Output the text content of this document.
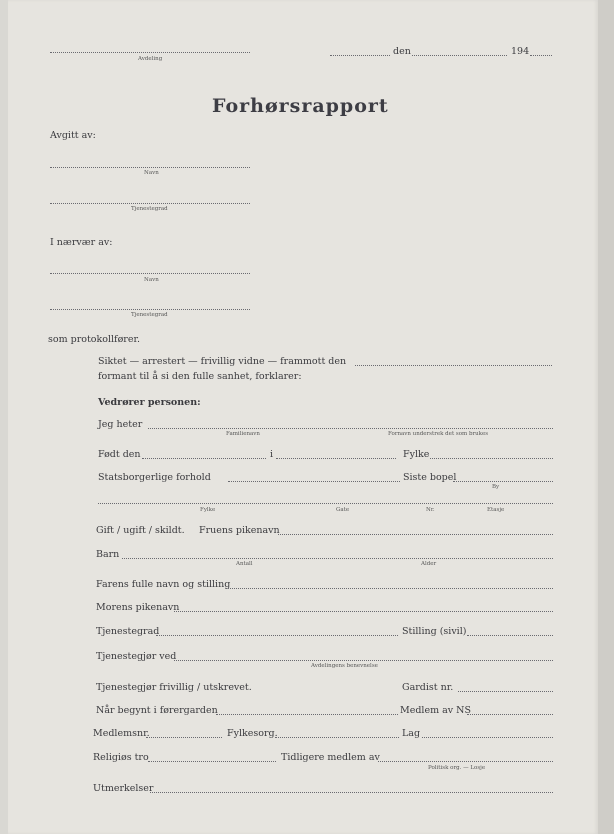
Avdeling
den	194
Forhørsrapport
Avgitt av:
Navn
Tjenestegrad
I nærvær av:
Navn
Tjenestegrad
som protokollfører.
Siktet — arrestert — frivillig vidne — frammott den
formant til å si den fulle sanhet, forklarer:
Vedrører personen:
Jeg heter
Familienavn	Fornavn understrek det som brukes
Født den	i	Fylke
Statsborgerlige forhold	Siste bopel
By
Fylke	Gate	Nr.	Etasje
Gift / ugift / skildt. Fruens pikenavn
Barn
Antall	Alder
Farens fulle navn og stilling
Morens pikenavn
Tjenestegrad	Stilling (sivil)
Tjenestegjør ved
Avdelingens benevnelse
Tjenestegjør frivillig / utskrevet.	Gardist nr.
Når begynt i førergarden	Medlem av NS
Medlemsnr.	Fylkesorg.	Lag
Religiøs tro	Tidligere medlem av
Politisk org. — Losje
Utmerkelser
